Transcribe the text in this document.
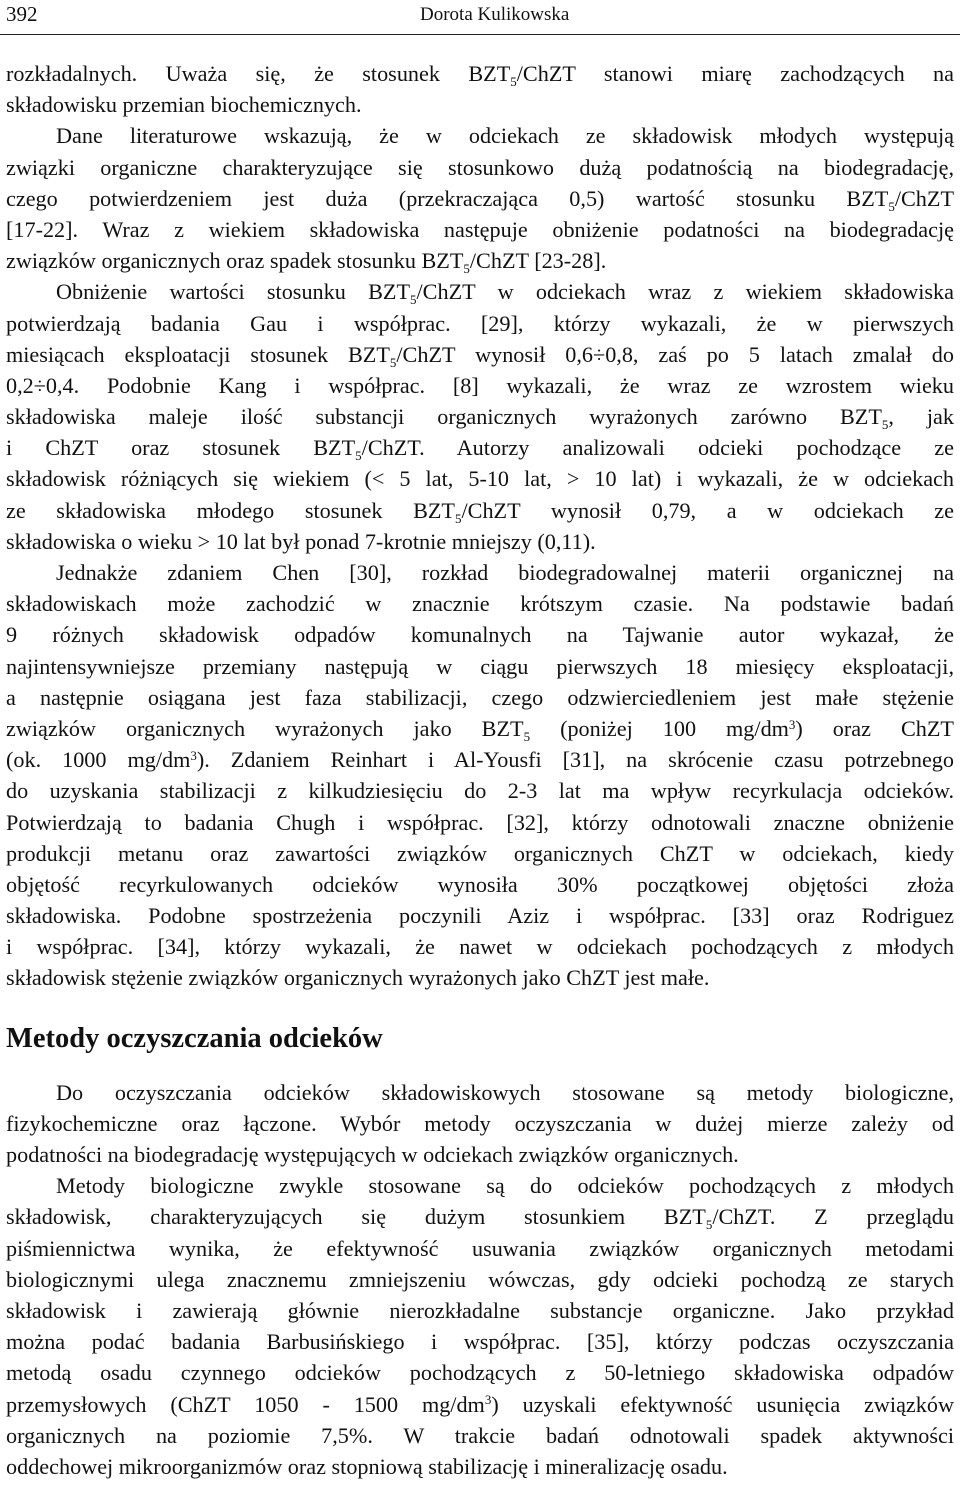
392	Dorota Kulikowska
rozkładalnych. Uważa się, że stosunek $BZT_5$/ChZT stanowi miarę zachodzących na
składowisku przemian biochemicznych.
Dane literaturowe wskazują, że w odciekach ze składowisk młodych występują
związki organiczne charakteryzujące się stosunkowo dużą podatnością na biodegradację,
czego potwierdzeniem jest duża (przekraczająca 0,5) wartość stosunku $BZT_5$/ChZT
[17-22]. Wraz z wiekiem składowiska następuje obniżenie podatności na biodegradację
związków organicznych oraz spadek stosunku $BZT_5$/ChZT [23-28].
Obniżenie wartości stosunku $BZT_5$/ChZT w odciekach wraz z wiekiem składowiska
potwierdzają badania Gau i współprac. [29], którzy wykazali, że w pierwszych
miesiącach eksploatacji stosunek $BZT_5$/ChZT wynosił 0,6÷0,8, zaś po 5 latach zmalał do
0,2÷0,4. Podobnie Kang i współprac. [8] wykazali, że wraz ze wzrostem wieku
składowiska maleje ilość substancji organicznych wyrażonych zarówno $BZT_5$, jak
i ChZT oraz stosunek $BZT_5$/ChZT. Autorzy analizowali odcieki pochodzące ze
składowisk różniących się wiekiem (< 5 lat, 5-10 lat, > 10 lat) i wykazali, że w odciekach
ze składowiska młodego stosunek $BZT_5$/ChZT wynosił 0,79, a w odciekach ze
składowiska o wieku > 10 lat był ponad 7-krotnie mniejszy (0,11).
Jednakże zdaniem Chen [30], rozkład biodegradowalnej materii organicznej na
składowiskach może zachodzić w znacznie krótszym czasie. Na podstawie badań
9 różnych składowisk odpadów komunalnych na Tajwanie autor wykazał, że
najintensywniejsze przemiany następują w ciągu pierwszych 18 miesięcy eksploatacji,
a następnie osiągana jest faza stabilizacji, czego odzwierciedleniem jest małe stężenie
związków organicznych wyrażonych jako $BZT_5$ (poniżej 100 $mg/dm^3$) oraz ChZT
(ok. 1000 $mg/dm^3$). Zdaniem Reinhart i Al-Yousfi [31], na skrócenie czasu potrzebnego
do uzyskania stabilizacji z kilkudziesięciu do 2-3 lat ma wpływ recyrkulacja odcieków.
Potwierdzają to badania Chugh i współprac. [32], którzy odnotowali znaczne obniżenie
produkcji metanu oraz zawartości związków organicznych ChZT w odciekach, kiedy
objętość recyrkulowanych odcieków wynosiła 30% początkowej objętości złoża
składowiska. Podobne spostrzeżenia poczynili Aziz i współprac. [33] oraz Rodriguez
i współprac. [34], którzy wykazali, że nawet w odciekach pochodzących z młodych
składowisk stężenie związków organicznych wyrażonych jako ChZT jest małe.
Metody oczyszczania odcieków
Do oczyszczania odcieków składowiskowych stosowane są metody biologiczne,
fizykochemiczne oraz łączone. Wybór metody oczyszczania w dużej mierze zależy od
podatności na biodegradację występujących w odciekach związków organicznych.
Metody biologiczne zwykle stosowane są do odcieków pochodzących z młodych
składowisk, charakteryzujących się dużym stosunkiem $BZT_5$/ChZT. Z przeglądu
piśmiennictwa wynika, że efektywność usuwania związków organicznych metodami
biologicznymi ulega znacznemu zmniejszeniu wówczas, gdy odcieki pochodzą ze starych
składowisk i zawierają głównie nierozkładalne substancje organiczne. Jako przykład
można podać badania Barbusińskiego i współprac. [35], którzy podczas oczyszczania
metodą osadu czynnego odcieków pochodzących z 50-letniego składowiska odpadów
przemysłowych (ChZT 1050 - 1500 $mg/dm^3$) uzyskali efektywność usunięcia związków
organicznych na poziomie 7,5%. W trakcie badań odnotowali spadek aktywności
oddechowej mikroorganizmów oraz stopniową stabilizację i mineralizację osadu.
